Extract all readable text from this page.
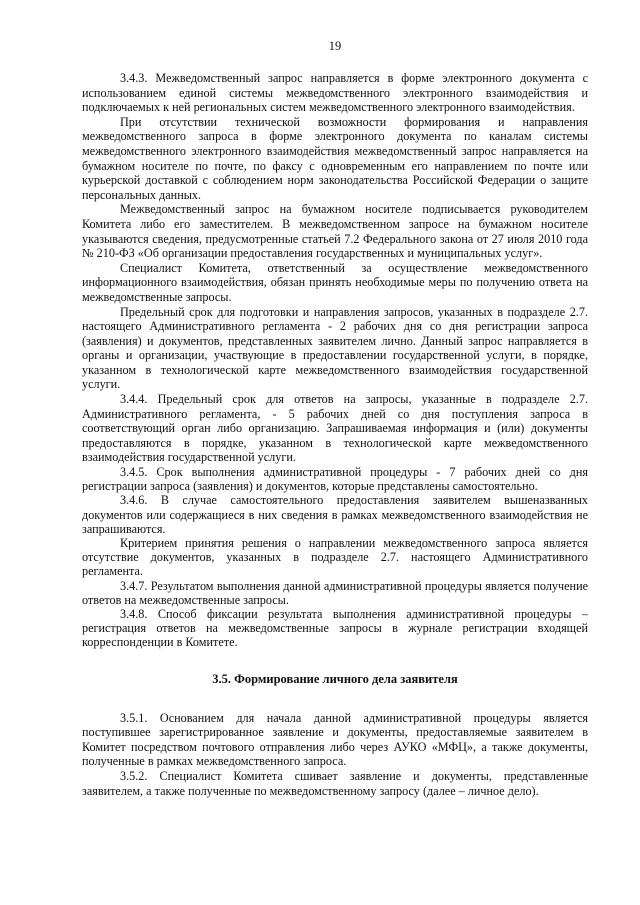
19

3.4.3. Межведомственный запрос направляется в форме электронного документа с использованием единой системы межведомственного электронного взаимодействия и подключаемых к ней региональных систем межведомственного электронного взаимодействия.

При отсутствии технической возможности формирования и направления межведомственного запроса в форме электронного документа по каналам системы межведомственного электронного взаимодействия межведомственный запрос направляется на бумажном носителе по почте, по факсу с одновременным его направлением по почте или курьерской доставкой с соблюдением норм законодательства Российской Федерации о защите персональных данных.

Межведомственный запрос на бумажном носителе подписывается руководителем Комитета либо его заместителем. В межведомственном запросе на бумажном носителе указываются сведения, предусмотренные статьей 7.2 Федерального закона от 27 июля 2010 года № 210-ФЗ «Об организации предоставления государственных и муниципальных услуг».

Специалист Комитета, ответственный за осуществление межведомственного информационного взаимодействия, обязан принять необходимые меры по получению ответа на межведомственные запросы.

Предельный срок для подготовки и направления запросов, указанных в подразделе 2.7. настоящего Административного регламента - 2 рабочих дня со дня регистрации запроса (заявления) и документов, представленных заявителем лично. Данный запрос направляется в органы и организации, участвующие в предоставлении государственной услуги, в порядке, указанном в технологической карте межведомственного взаимодействия государственной услуги.

3.4.4. Предельный срок для ответов на запросы, указанные в подразделе 2.7. Административного регламента, - 5 рабочих дней со дня поступления запроса в соответствующий орган либо организацию. Запрашиваемая информация и (или) документы предоставляются в порядке, указанном в технологической карте межведомственного взаимодействия государственной услуги.

3.4.5. Срок выполнения административной процедуры - 7 рабочих дней со дня регистрации запроса (заявления) и документов, которые представлены самостоятельно.

3.4.6. В случае самостоятельного предоставления заявителем вышеназванных документов или содержащиеся в них сведения в рамках межведомственного взаимодействия не запрашиваются.

Критерием принятия решения о направлении межведомственного запроса является отсутствие документов, указанных в подразделе 2.7. настоящего Административного регламента.

3.4.7. Результатом выполнения данной административной процедуры является получение ответов на межведомственные запросы.

3.4.8. Способ фиксации результата выполнения административной процедуры – регистрация ответов на межведомственные запросы в журнале регистрации входящей корреспонденции в Комитете.

3.5. Формирование личного дела заявителя

3.5.1. Основанием для начала данной административной процедуры является поступившее зарегистрированное заявление и документы, предоставляемые заявителем в Комитет посредством почтового отправления либо через АУКО «МФЦ», а также документы, полученные в рамках межведомственного запроса.

3.5.2. Специалист Комитета сшивает заявление и документы, представленные заявителем, а также полученные по межведомственному запросу (далее – личное дело).
